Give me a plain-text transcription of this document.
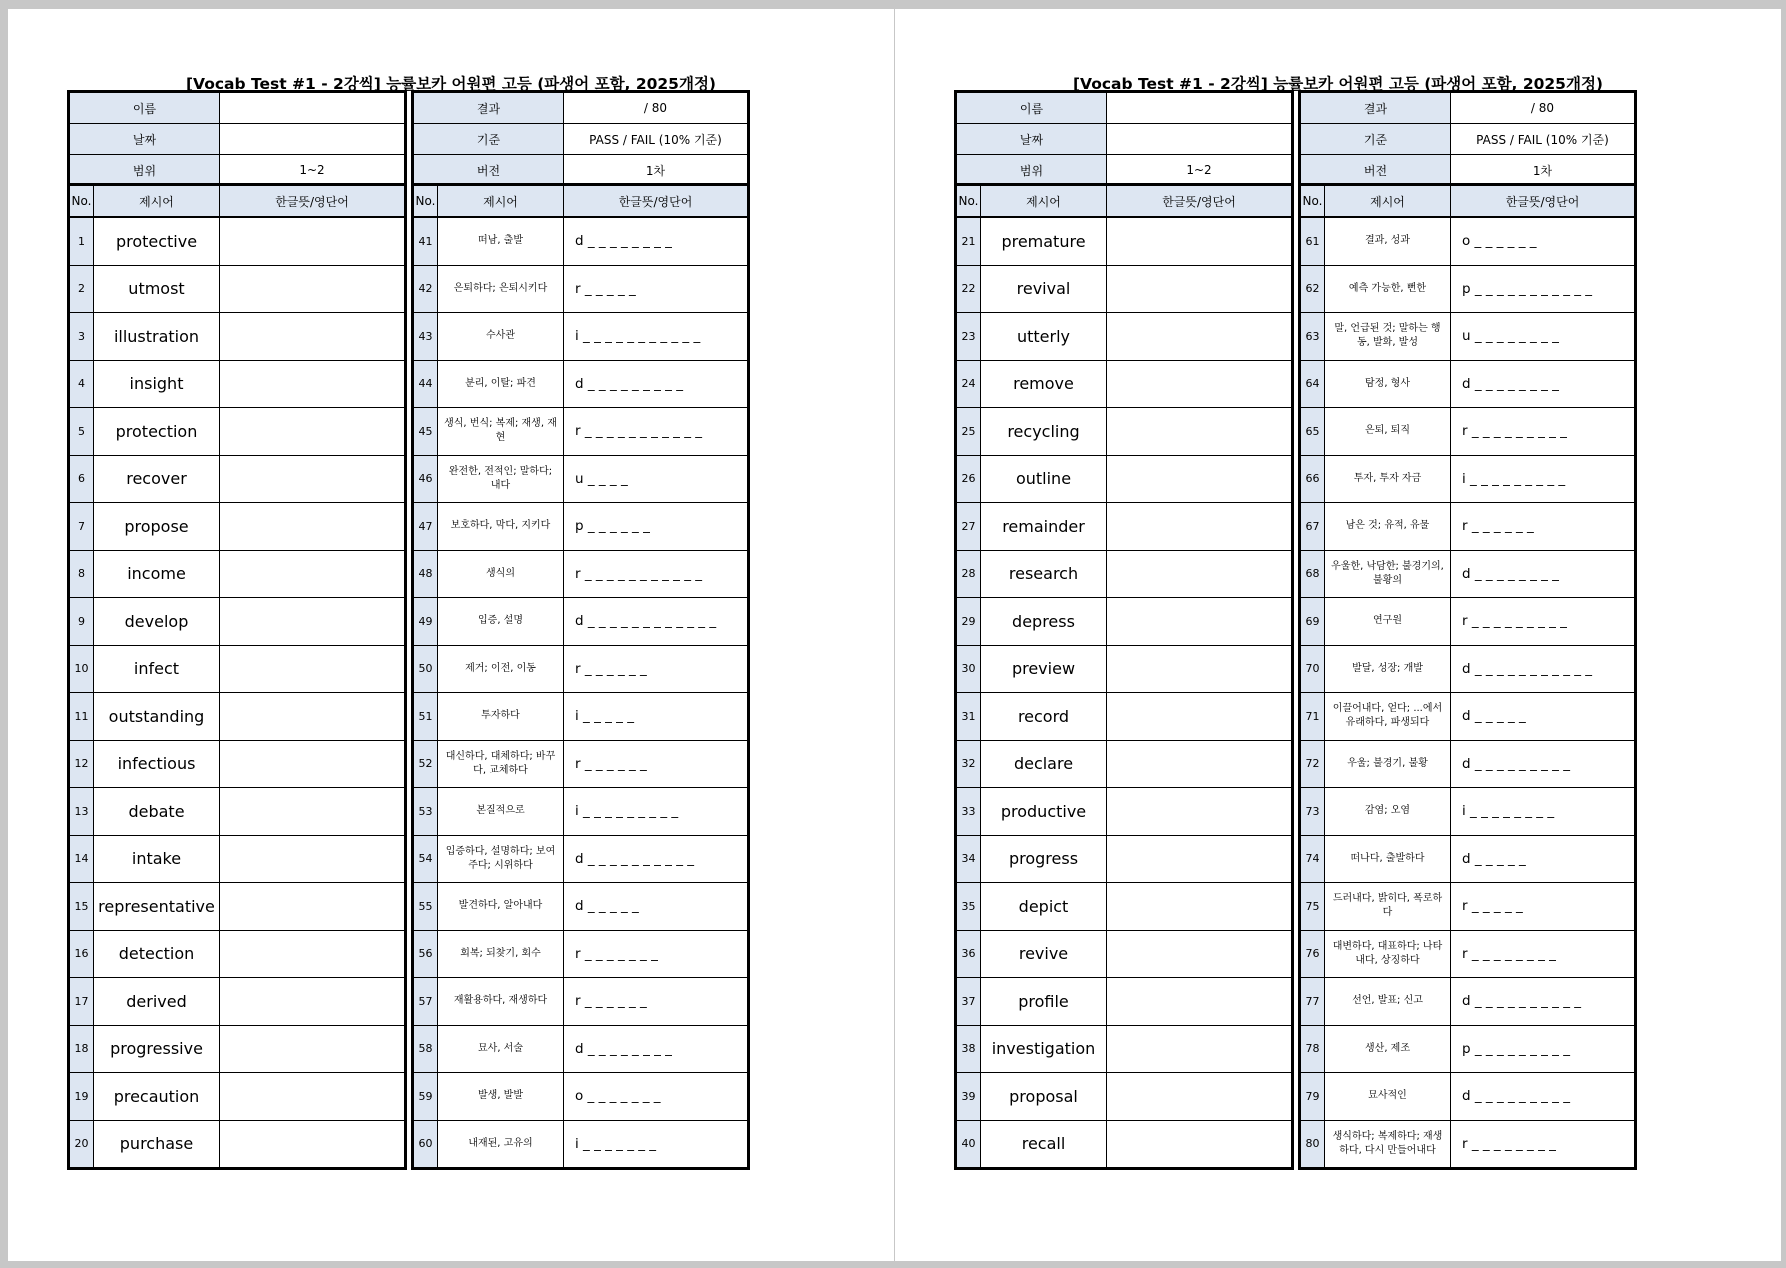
[Vocab Test #1 - 2강씩] 능률보카 어원편 고등 (파생어 포함, 2025개정)
이름	
날짜	
범위	1~2
결과	/ 80
기준	PASS / FAIL (10% 기준)
버전	1차
No.	제시어	한글뜻/영단어
1	protective	
2	utmost	
3	illustration	
4	insight	
5	protection	
6	recover	
7	propose	
8	income	
9	develop	
10	infect	
11	outstanding	
12	infectious	
13	debate	
14	intake	
15	representative	
16	detection	
17	derived	
18	progressive	
19	precaution	
20	purchase	
No.	제시어	한글뜻/영단어
41	떠남, 출발	d _ _ _ _ _ _ _ _
42	은퇴하다; 은퇴시키다	r _ _ _ _ _
43	수사관	i _ _ _ _ _ _ _ _ _ _ _
44	분리, 이탈; 파견	d _ _ _ _ _ _ _ _ _
45	생식, 번식; 복제; 재생, 재현	r _ _ _ _ _ _ _ _ _ _ _
46	완전한, 전적인; 말하다; 내다	u _ _ _ _
47	보호하다, 막다, 지키다	p _ _ _ _ _ _
48	생식의	r _ _ _ _ _ _ _ _ _ _ _
49	입증, 설명	d _ _ _ _ _ _ _ _ _ _ _ _
50	제거; 이전, 이동	r _ _ _ _ _ _
51	투자하다	i _ _ _ _ _
52	대신하다, 대체하다; 바꾸다, 교체하다	r _ _ _ _ _ _
53	본질적으로	i _ _ _ _ _ _ _ _ _
54	입증하다, 설명하다; 보여주다; 시위하다	d _ _ _ _ _ _ _ _ _ _
55	발견하다, 알아내다	d _ _ _ _ _
56	회복; 되찾기, 회수	r _ _ _ _ _ _ _
57	재활용하다, 재생하다	r _ _ _ _ _ _
58	묘사, 서술	d _ _ _ _ _ _ _ _
59	발생, 발발	o _ _ _ _ _ _ _
60	내재된, 고유의	i _ _ _ _ _ _ _
[Vocab Test #1 - 2강씩] 능률보카 어원편 고등 (파생어 포함, 2025개정)
이름	
날짜	
범위	1~2
결과	/ 80
기준	PASS / FAIL (10% 기준)
버전	1차
No.	제시어	한글뜻/영단어
21	premature	
22	revival	
23	utterly	
24	remove	
25	recycling	
26	outline	
27	remainder	
28	research	
29	depress	
30	preview	
31	record	
32	declare	
33	productive	
34	progress	
35	depict	
36	revive	
37	profile	
38	investigation	
39	proposal	
40	recall	
No.	제시어	한글뜻/영단어
61	결과, 성과	o _ _ _ _ _ _
62	예측 가능한, 뻔한	p _ _ _ _ _ _ _ _ _ _ _
63	말, 언급된 것; 말하는 행동, 발화, 발성	u _ _ _ _ _ _ _ _
64	탐정, 형사	d _ _ _ _ _ _ _ _
65	은퇴, 퇴직	r _ _ _ _ _ _ _ _ _
66	투자, 투자 자금	i _ _ _ _ _ _ _ _ _
67	남은 것; 유적, 유물	r _ _ _ _ _ _
68	우울한, 낙담한; 불경기의, 불황의	d _ _ _ _ _ _ _ _
69	연구원	r _ _ _ _ _ _ _ _ _
70	발달, 성장; 개발	d _ _ _ _ _ _ _ _ _ _ _
71	이끌어내다, 얻다; ...에서 유래하다, 파생되다	d _ _ _ _ _
72	우울; 불경기, 불황	d _ _ _ _ _ _ _ _ _
73	감염; 오염	i _ _ _ _ _ _ _ _
74	떠나다, 출발하다	d _ _ _ _ _
75	드러내다, 밝히다, 폭로하다	r _ _ _ _ _
76	대변하다, 대표하다; 나타내다, 상징하다	r _ _ _ _ _ _ _ _
77	선언, 발표; 신고	d _ _ _ _ _ _ _ _ _ _
78	생산, 제조	p _ _ _ _ _ _ _ _ _
79	묘사적인	d _ _ _ _ _ _ _ _ _
80	생식하다; 복제하다; 재생하다, 다시 만들어내다	r _ _ _ _ _ _ _ _
